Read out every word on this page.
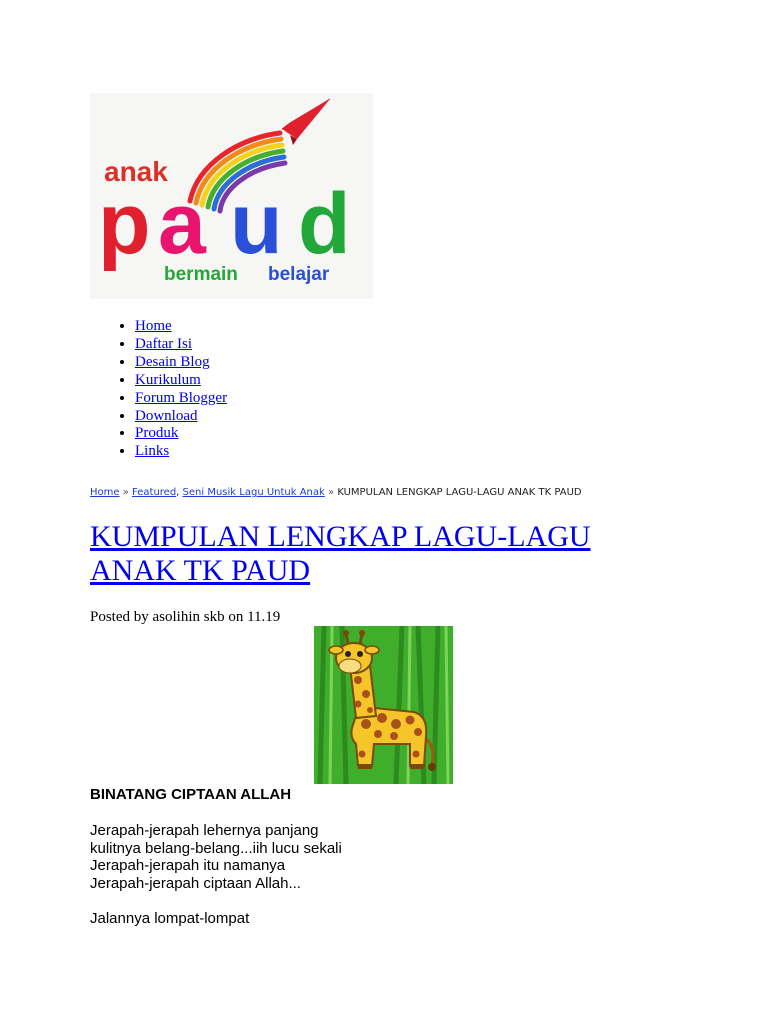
anak
p a u d
bermain belajar
• Home
• Daftar Isi
• Desain Blog
• Kurikulum
• Forum Blogger
• Download
• Produk
• Links
Home » Featured, Seni Musik Lagu Untuk Anak » KUMPULAN LENGKAP LAGU-LAGU ANAK TK PAUD
KUMPULAN LENGKAP LAGU-LAGU ANAK TK PAUD
Posted by asolihin skb on 11.19
BINATANG CIPTAAN ALLAH
Jerapah-jerapah lehernya panjang
kulitnya belang-belang...iih lucu sekali
Jerapah-jerapah itu namanya
Jerapah-jerapah ciptaan Allah...
Jalannya lompat-lompat
